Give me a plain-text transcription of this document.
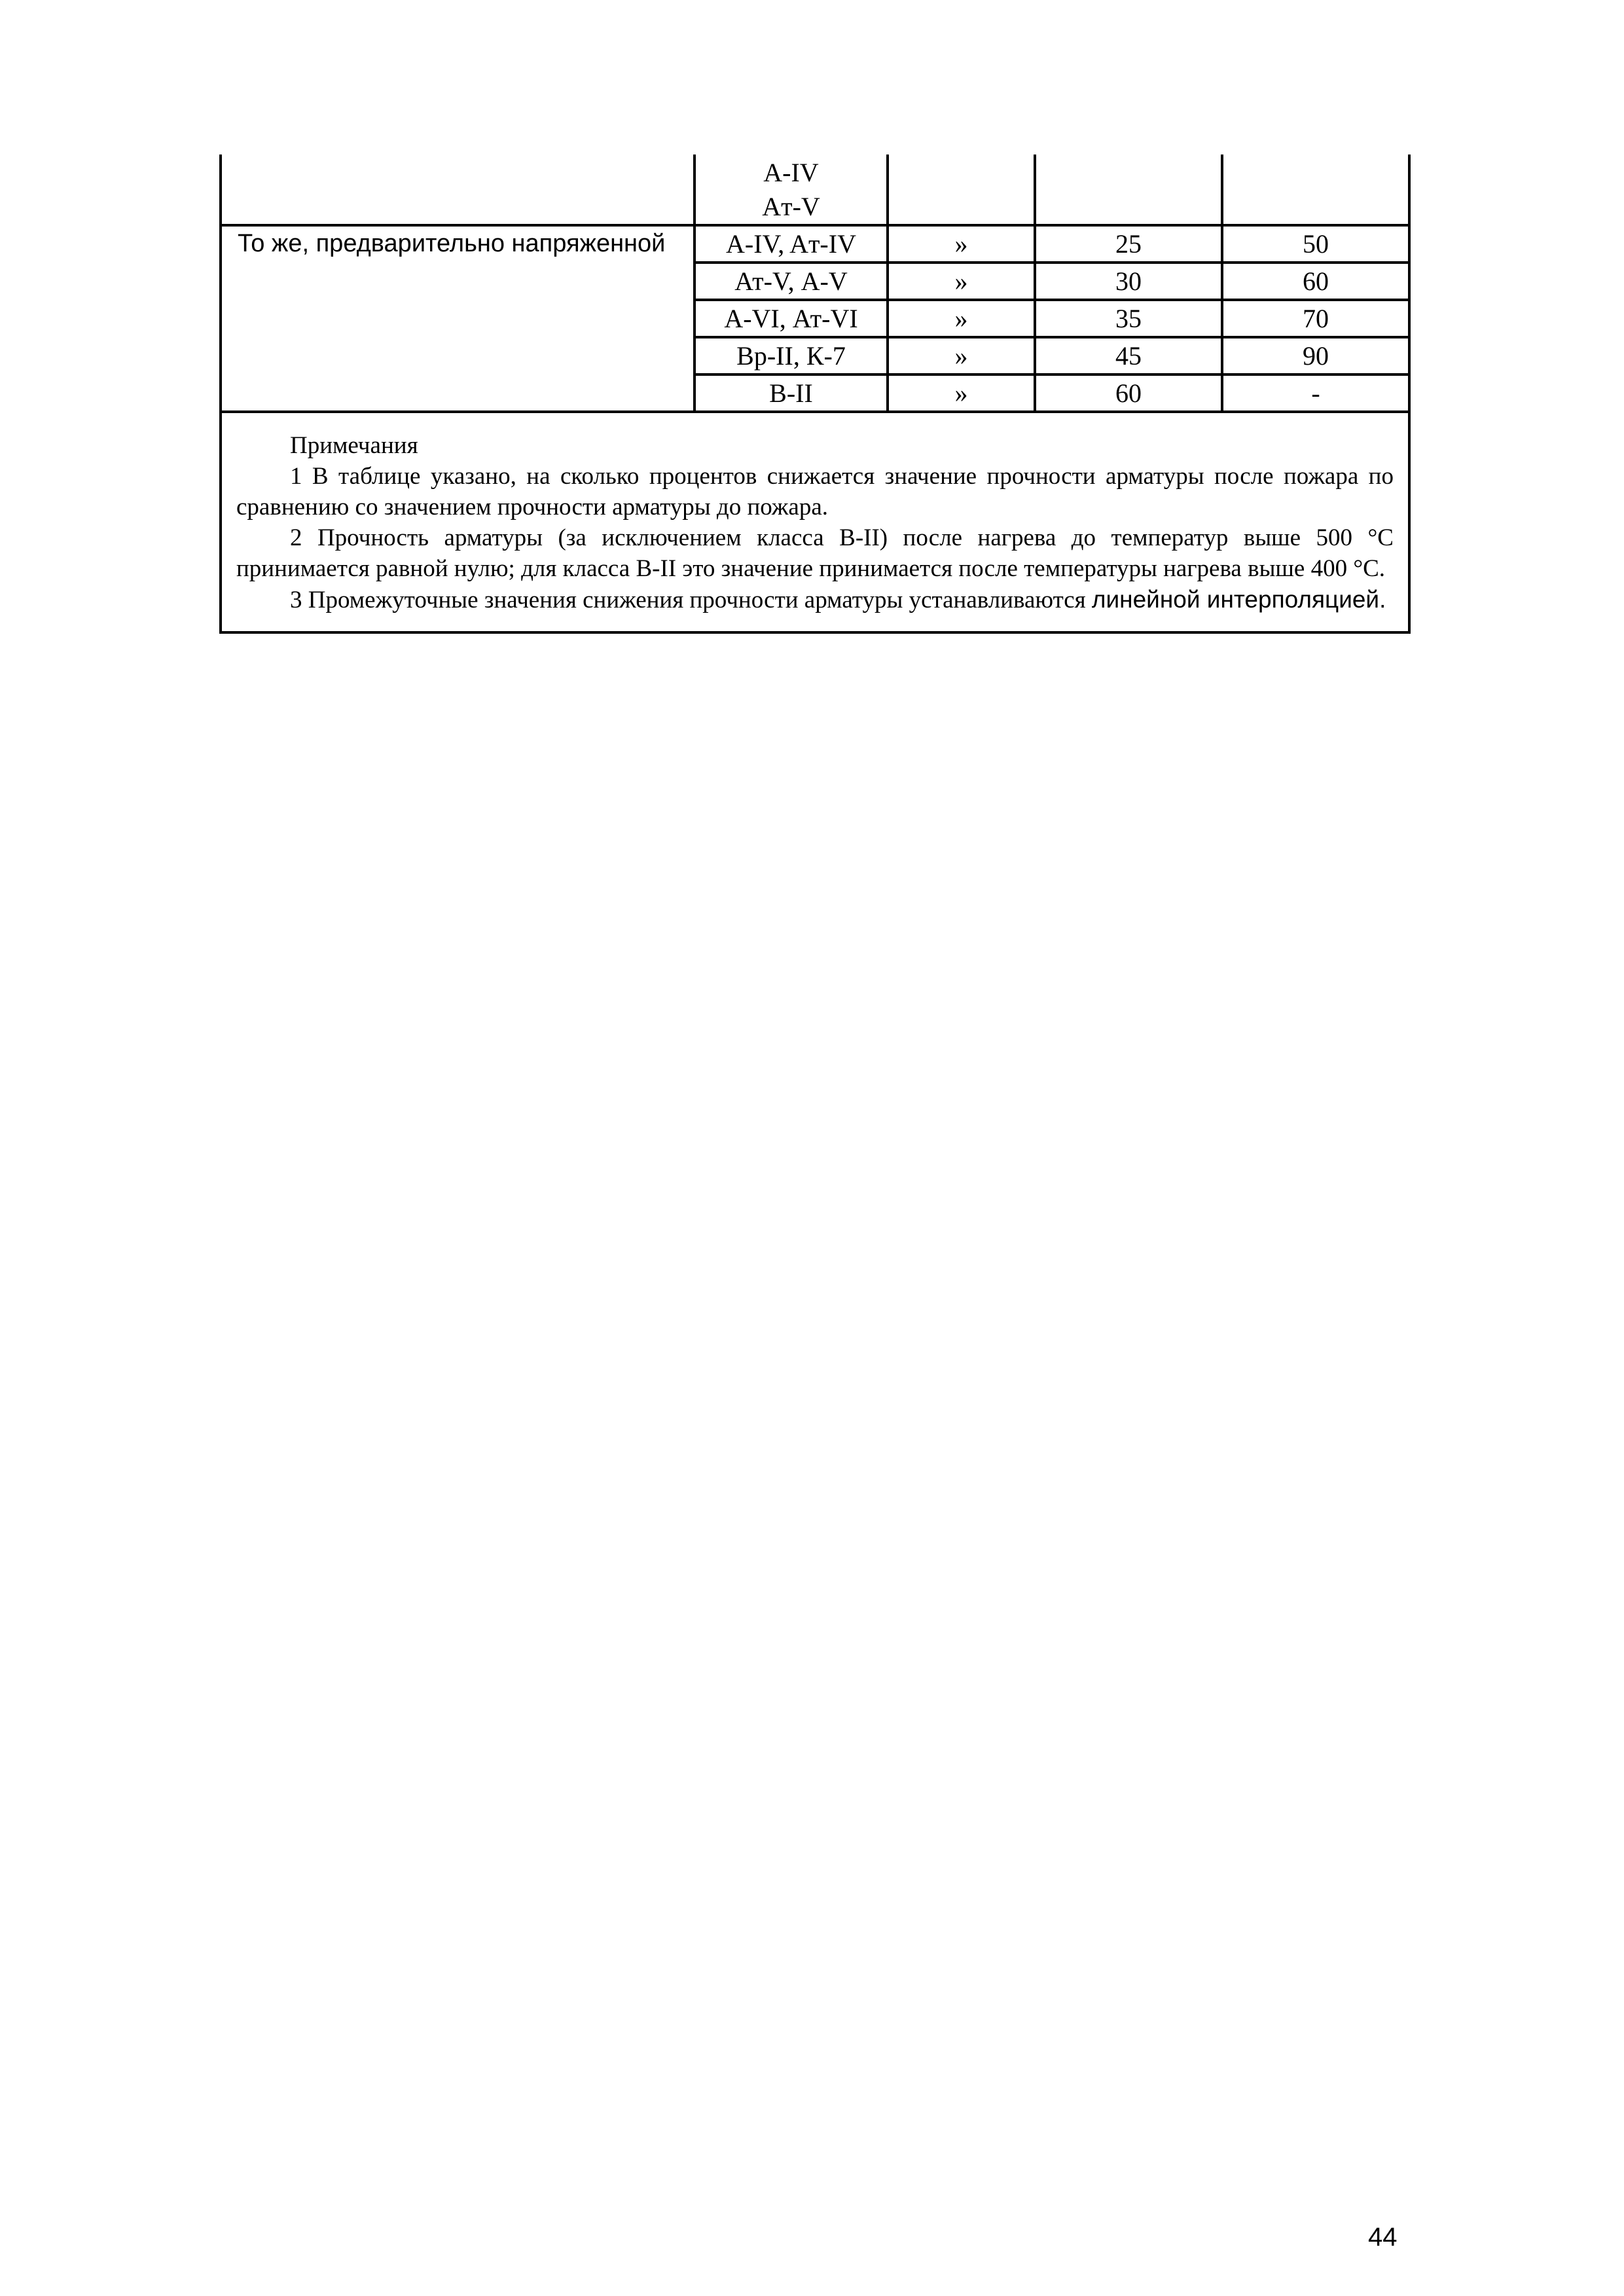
	А-IV
Aт-V			

То же, предварительно напряженной	А-IV, Aт-IV	»	25	50
	Ат-V, А-V	»	30	60
	А-VI, Ат-VI	»	35	70
	Вр-II, К-7	»	45	90
	В-II	»	60	-

Примечания
1 В таблице указано, на сколько процентов снижается значение прочности арматуры после пожара по сравнению со значением прочности арматуры до пожара.
2 Прочность арматуры (за исключением класса В-II) после нагрева до температур выше 500 °С принимается равной нулю; для класса В-II это значение принимается после температуры нагрева выше 400 °С.
3 Промежуточные значения снижения прочности арматуры устанавливаются линейной интерполяцией.				
44
